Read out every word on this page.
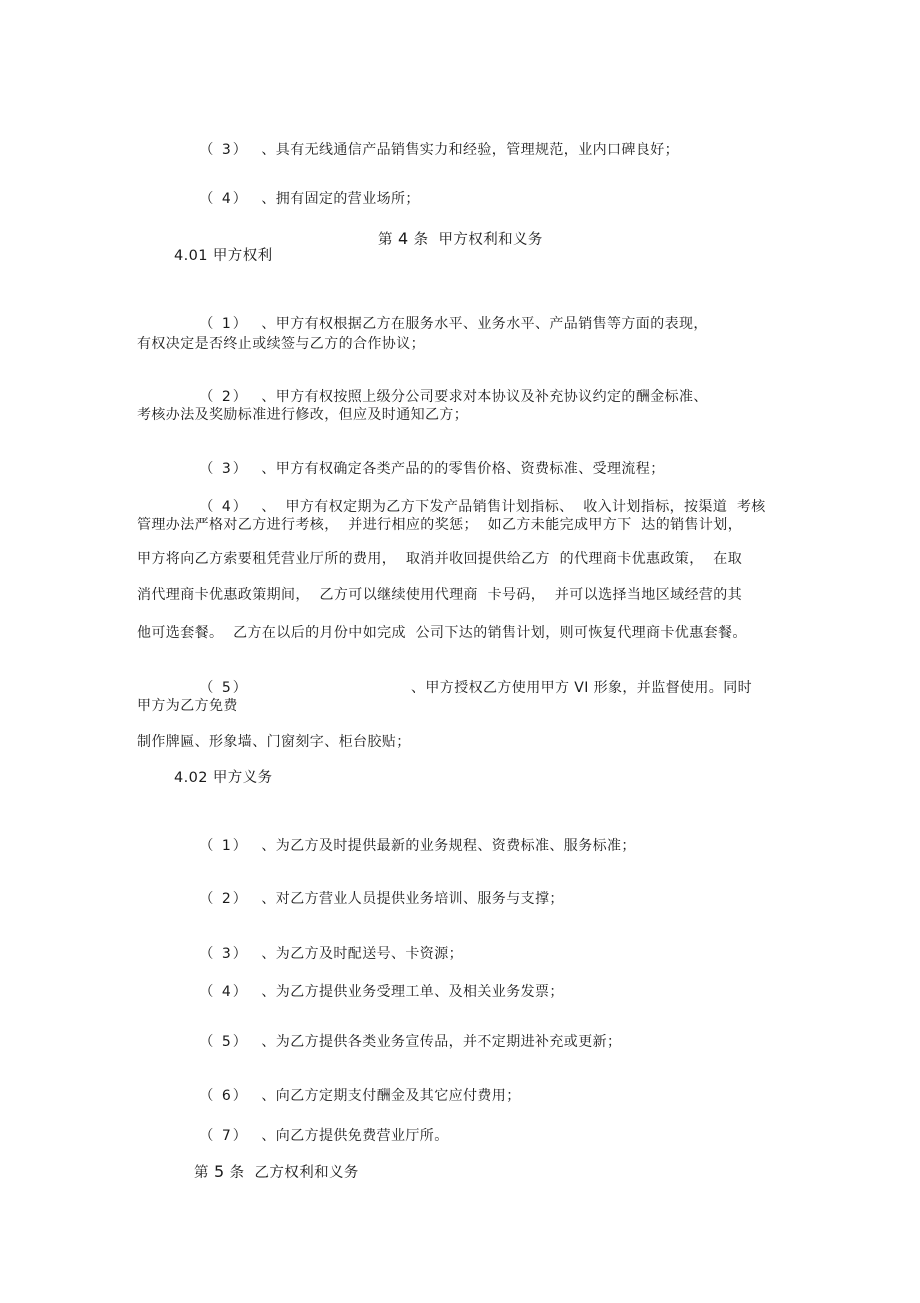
（ 3） 、具有无线通信产品销售实力和经验，管理规范，业内口碑良好；

（ 4） 、拥有固定的营业场所；

第 4 条  甲方权利和义务

4.01 甲方权利

（ 1） 、甲方有权根据乙方在服务水平、业务水平、产品销售等方面的表现，

有权决定是否终止或续签与乙方的合作协议；

（ 2） 、甲方有权按照上级分公司要求对本协议及补充协议约定的酬金标准、

考核办法及奖励标准进行修改，但应及时通知乙方；

（ 3） 、甲方有权确定各类产品的的零售价格、资费标准、受理流程；

（ 4） 、  甲方有权定期为乙方下发产品销售计划指标、  收入计划指标，按渠道  考核

管理办法严格对乙方进行考核，  并进行相应的奖惩；  如乙方未能完成甲方下  达的销售计划，
甲方将向乙方索要租凭营业厅所的费用，  取消并收回提供给乙方  的代理商卡优惠政策，  在取
消代理商卡优惠政策期间，  乙方可以继续使用代理商  卡号码，  并可以选择当地区域经营的其
他可选套餐。  乙方在以后的月份中如完成  公司下达的销售计划，则可恢复代理商卡优惠套餐。

（ 5）	、甲方授权乙方使用甲方 VI 形象，并监督使用。同时

甲方为乙方免费
制作牌匾、形象墙、门窗刻字、柜台胶贴；
4.02 甲方义务

（ 1） 、为乙方及时提供最新的业务规程、资费标准、服务标准；

（ 2） 、对乙方营业人员提供业务培训、服务与支撑；

（ 3） 、为乙方及时配送号、卡资源；

（ 4） 、为乙方提供业务受理工单、及相关业务发票；

（ 5） 、为乙方提供各类业务宣传品，并不定期进补充或更新；

（ 6） 、向乙方定期支付酬金及其它应付费用；

（ 7） 、向乙方提供免费营业厅所。

第 5 条  乙方权利和义务
